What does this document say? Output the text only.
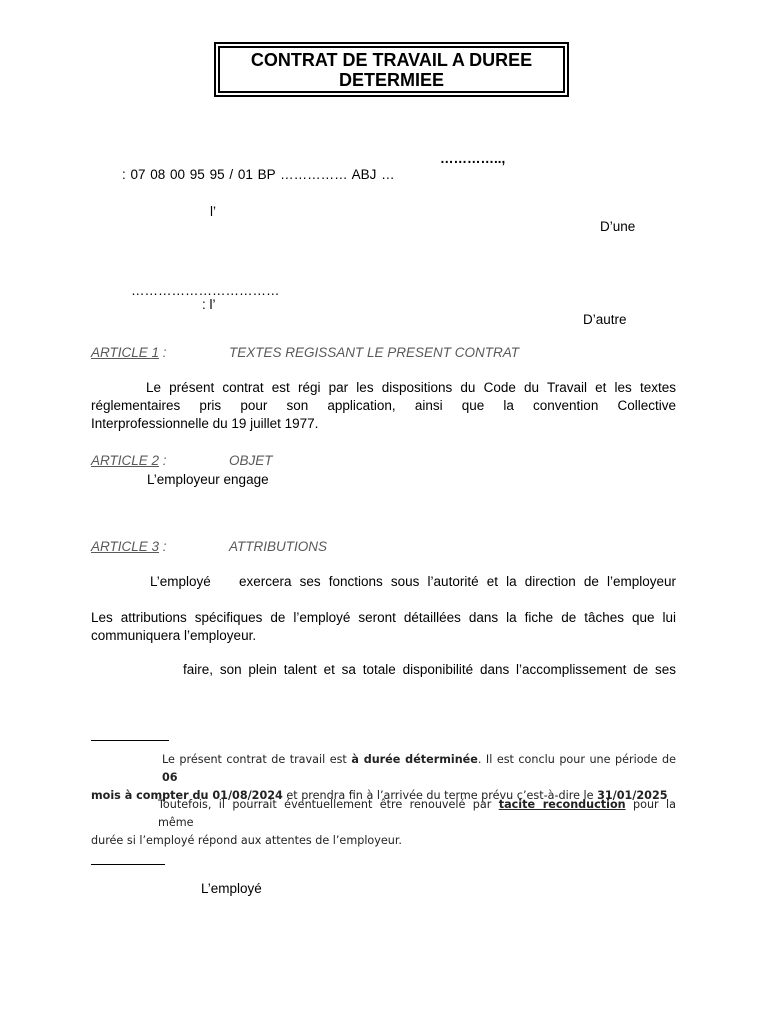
CONTRAT DE TRAVAIL A DUREE
DETERMIEE
…………..,
: 07 08 00 95 95 / 01 BP …………… ABJ …
l’
D’une
……………………………
: l’
D’autre
ARTICLE 1 :	TEXTES REGISSANT LE PRESENT CONTRAT
Le présent contrat est régi par les dispositions du Code du Travail et les textes
réglementaires pris pour son application, ainsi que la convention Collective
Interprofessionnelle du 19 juillet 1977.
ARTICLE 2 :	OBJET
L’employeur engage
ARTICLE 3 :	ATTRIBUTIONS
L’employé exercera ses fonctions sous l’autorité et la direction de l’employeur
Les attributions spécifiques de l’employé seront détaillées dans la fiche de tâches que lui
communiquera l’employeur.
faire, son plein talent et sa totale disponibilité dans l’accomplissement de ses
Le présent contrat de travail est à durée déterminée. Il est conclu pour une période de 06
mois à compter du 01/08/2024 et prendra fin à l’arrivée du terme prévu c’est-à-dire le 31/01/2025
Toutefois, il pourrait éventuellement être renouvelé par tacite reconduction pour la même
durée si l’employé répond aux attentes de l’employeur.
L’employé
